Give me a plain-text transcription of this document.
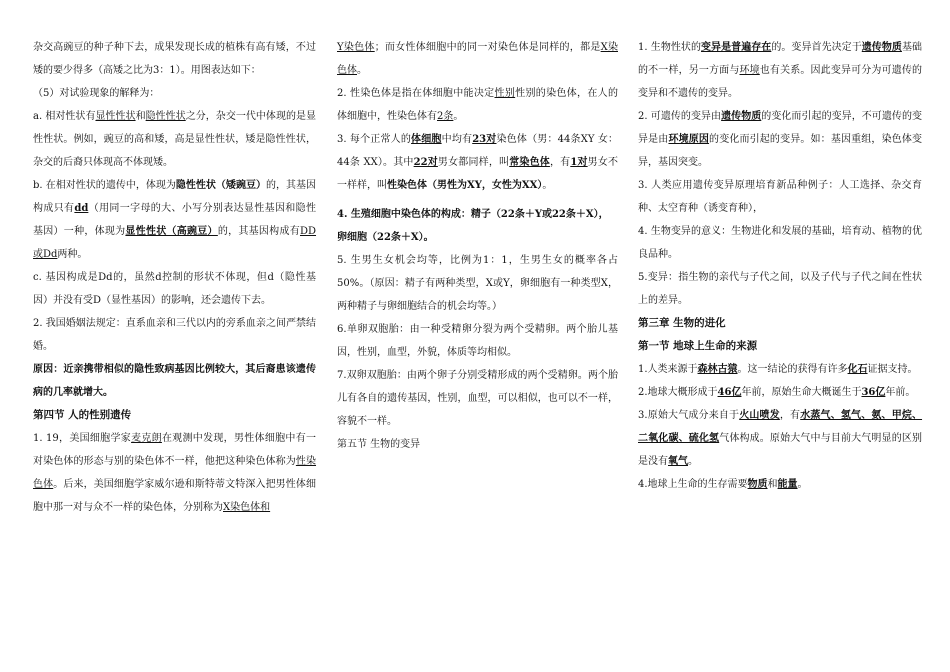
杂交高豌豆的种子种下去，成果发现长成的植株有高有矮，不过矮的要少得多（高矮之比为3：1）。用图表达如下：

（5）对试验现象的解释为：

a. 相对性状有显性性状和隐性性状之分，杂交一代中体现的是显性性状。例如，豌豆的高和矮，高是显性性状，矮是隐性性状，杂交的后裔只体现高不体现矮。

b. 在相对性状的遗传中，体现为隐性性状（矮豌豆）的，其基因构成只有dd（用同一字母的大、小写分别表达显性基因和隐性基因）一种，体现为显性性状（高豌豆）的，其基因构成有DD或Dd两种。

c. 基因构成是Dd的，虽然d控制的形状不体现，但d（隐性基因）并没有受D（显性基因）的影响，还会遗传下去。

2. 我国婚姻法规定：直系血亲和三代以内的旁系血亲之间严禁结婚。

原因：近亲携带相似的隐性致病基因比例较大，其后裔患该遗传病的几率就增大。

第四节 人的性别遗传

1. 19，美国细胞学家麦克朗在观测中发现，男性体细胞中有一对染色体的形态与别的染色体不一样，他把这种染色体称为性染色体。后来，美国细胞学家威尔逊和斯特蒂文特深入把男性体细胞中那一对与众不一样的染色体，分别称为X染色体和

Y染色体；而女性体细胞中的同一对染色体是同样的，都是X染色体。

2. 性染色体是指在体细胞中能决定性别性别的染色体，在人的体细胞中，性染色体有2条。

3. 每个正常人的体细胞中均有23对染色体（男：44条XY 女：44条 XX）。其中22对男女都同样，叫常染色体，有1对男女不一样样，叫性染色体（男性为XY，女性为XX）。

4. 生殖细胞中染色体的构成：精子（22条＋Y或22条＋X），

卵细胞（22条＋X）。

5. 生男生女机会均等，比例为1：1，生男生女的概率各占50%。（原因：精子有两种类型，X或Y，卵细胞有一种类型X，两种精子与卵细胞结合的机会均等。）

6.单卵双胞胎：由一种受精卵分裂为两个受精卵。两个胎儿基因，性别，血型，外貌，体质等均相似。

7.双卵双胞胎：由两个卵子分别受精形成的两个受精卵。两个胎儿有各自的遗传基因，性别，血型，可以相似，也可以不一样，容貌不一样。

第五节 生物的变异

1. 生物性状的变异是普遍存在的。变异首先决定于遗传物质基础的不一样，另一方面与环境也有关系。因此变异可分为可遗传的变异和不遗传的变异。

2. 可遗传的变异由遗传物质的变化而引起的变异，不可遗传的变异是由环境原因的变化而引起的变异。如：基因重组，染色体变异，基因突变。

3. 人类应用遗传变异原理培育新品种例子：人工选择、杂交育种、太空育种（诱变育种），

4. 生物变异的意义：生物进化和发展的基础，培育动、植物的优良品种。

5.变异：指生物的亲代与子代之间，以及子代与子代之间在性状上的差异。

第三章 生物的进化

第一节 地球上生命的来源

1.人类来源于森林古猿。这一结论的获得有许多化石证据支持。

2.地球大概形成于46亿年前，原始生命大概诞生于36亿年前。

3.原始大气成分来自于火山喷发，有水蒸气、氢气、氨、甲烷、二氧化碳、硫化氢气体构成。原始大气中与目前大气明显的区别是没有氧气。

4.地球上生命的生存需要物质和能量。
